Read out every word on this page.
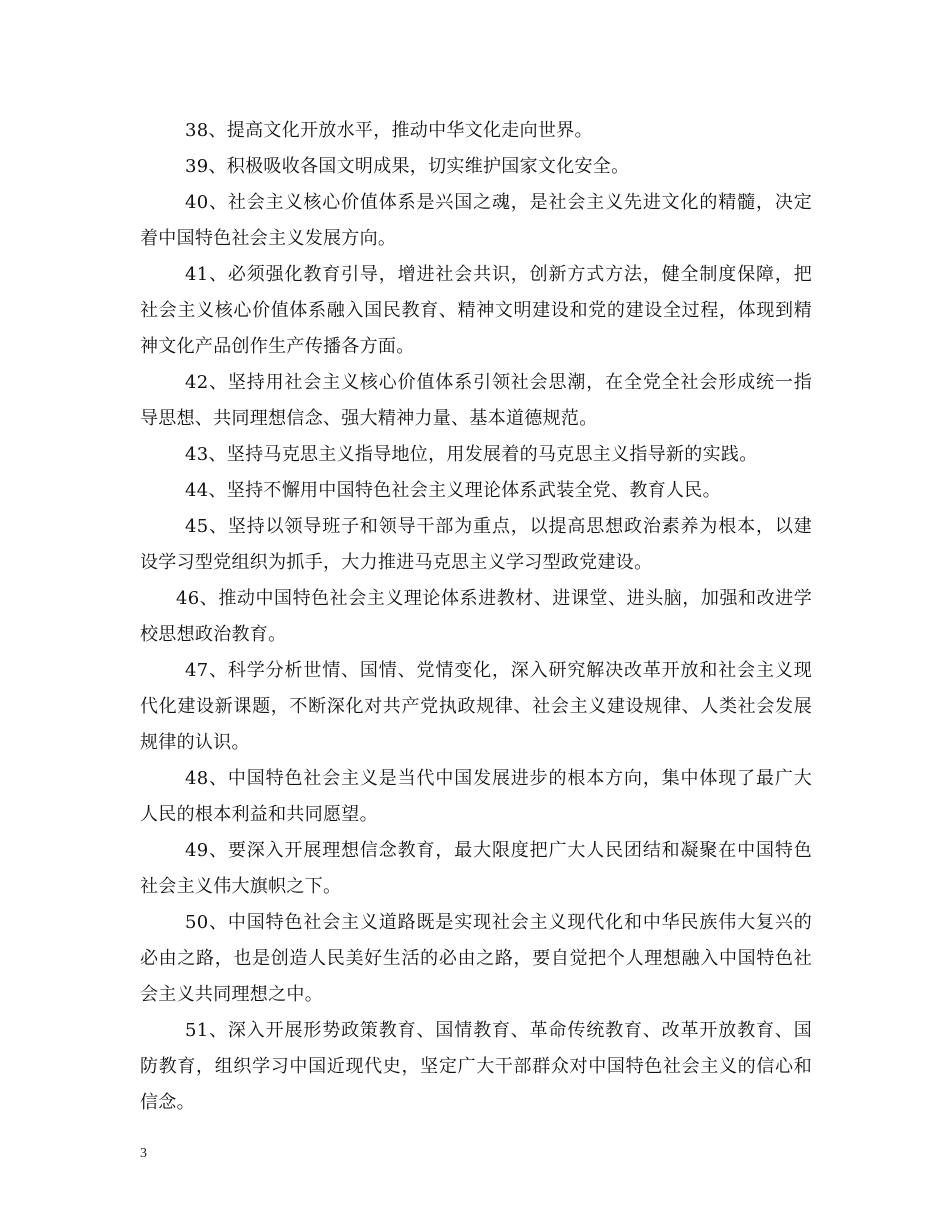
38、提高文化开放水平，推动中华文化走向世界。

39、积极吸收各国文明成果，切实维护国家文化安全。

40、社会主义核心价值体系是兴国之魂，是社会主义先进文化的精髓，决定着中国特色社会主义发展方向。

41、必须强化教育引导，增进社会共识，创新方式方法，健全制度保障，把社会主义核心价值体系融入国民教育、精神文明建设和党的建设全过程，体现到精神文化产品创作生产传播各方面。

42、坚持用社会主义核心价值体系引领社会思潮，在全党全社会形成统一指导思想、共同理想信念、强大精神力量、基本道德规范。

43、坚持马克思主义指导地位，用发展着的马克思主义指导新的实践。

44、坚持不懈用中国特色社会主义理论体系武装全党、教育人民。

45、坚持以领导班子和领导干部为重点，以提高思想政治素养为根本，以建设学习型党组织为抓手，大力推进马克思主义学习型政党建设。

46、推动中国特色社会主义理论体系进教材、进课堂、进头脑，加强和改进学校思想政治教育。

47、科学分析世情、国情、党情变化，深入研究解决改革开放和社会主义现代化建设新课题，不断深化对共产党执政规律、社会主义建设规律、人类社会发展规律的认识。

48、中国特色社会主义是当代中国发展进步的根本方向，集中体现了最广大人民的根本利益和共同愿望。

49、要深入开展理想信念教育，最大限度把广大人民团结和凝聚在中国特色社会主义伟大旗帜之下。

50、中国特色社会主义道路既是实现社会主义现代化和中华民族伟大复兴的必由之路，也是创造人民美好生活的必由之路，要自觉把个人理想融入中国特色社会主义共同理想之中。

51、深入开展形势政策教育、国情教育、革命传统教育、改革开放教育、国防教育，组织学习中国近现代史，坚定广大干部群众对中国特色社会主义的信心和信念。

3
